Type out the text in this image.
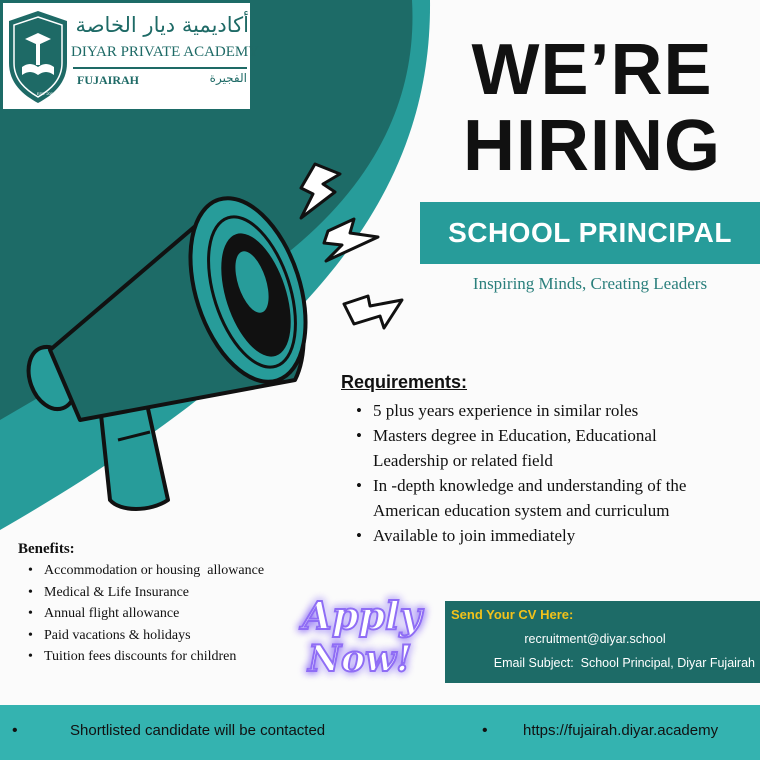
أكاديمية ديار الخاصة
DIYAR PRIVATE ACADEMY
FUJAIRAH	الفجيرة
EST. 2006	WE’RE
HIRING
SCHOOL PRINCIPAL
Inspiring Minds, Creating Leaders
Requirements:
• 5 plus years experience in similar roles
• Masters degree in Education, Educational Leadership or related field
• In -depth knowledge and understanding of the American education system and curriculum
• Available to join immediately
Benefits:
• Accommodation or housing  allowance
• Medical & Life Insurance
• Annual flight allowance
• Paid vacations & holidays
• Tuition fees discounts for children
Apply
Now!
Send Your CV Here:
recruitment@diyar.school
Email Subject:  School Principal, Diyar Fujairah
•	Shortlisted candidate will be contacted	• https://fujairah.diyar.academy
